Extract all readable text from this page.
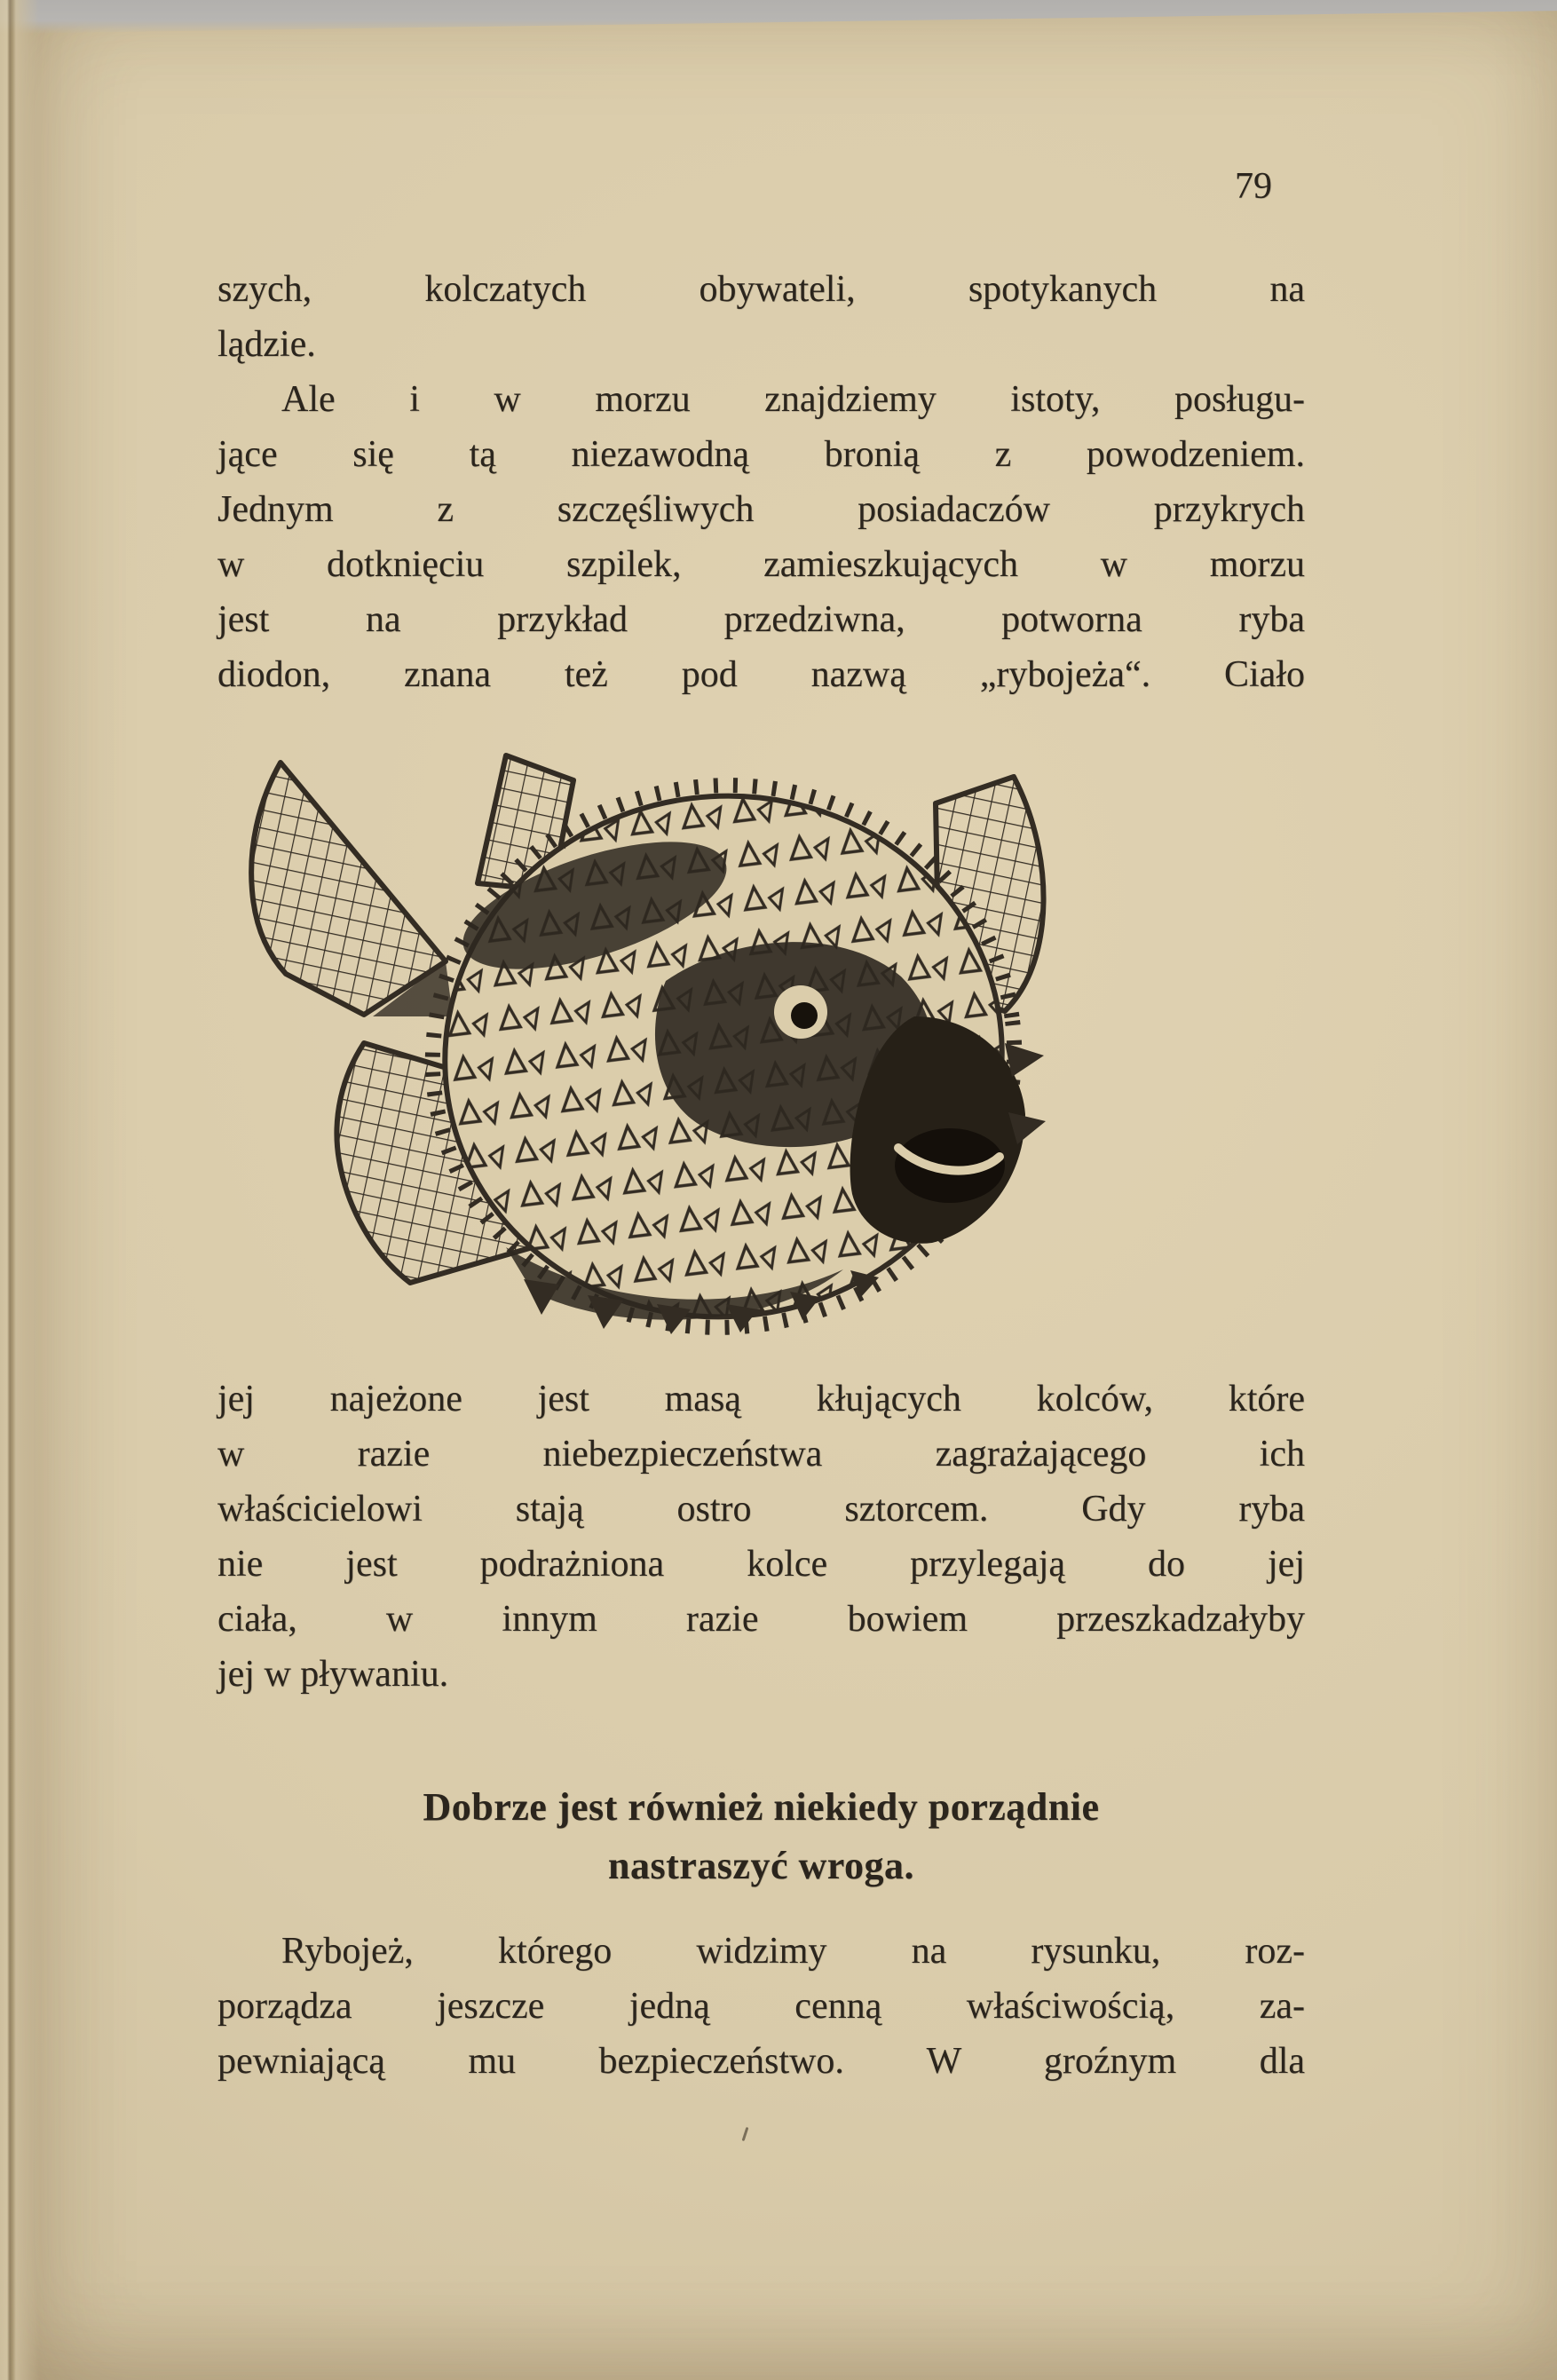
79
szych, kolczatych obywateli, spotykanych na
lądzie.
Ale i w morzu znajdziemy istoty, posługu-
jące się tą niezawodną bronią z powodzeniem.
Jednym z szczęśliwych posiadaczów przykrych
w dotknięciu szpilek, zamieszkujących w morzu
jest na przykład przedziwna, potworna ryba
diodon, znana też pod nazwą „rybojeża“. Ciało
jej najeżone jest masą kłujących kolców, które
w razie niebezpieczeństwa zagrażającego ich
właścicielowi stają ostro sztorcem. Gdy ryba
nie jest podrażniona kolce przylegają do jej
ciała, w innym razie bowiem przeszkadzałyby
jej w pływaniu.
Dobrze jest również niekiedy porządnie
nastraszyć wroga.
Rybojeż, którego widzimy na rysunku, roz-
porządza jeszcze jedną cenną właściwością, za-
pewniającą mu bezpieczeństwo. W groźnym dla
